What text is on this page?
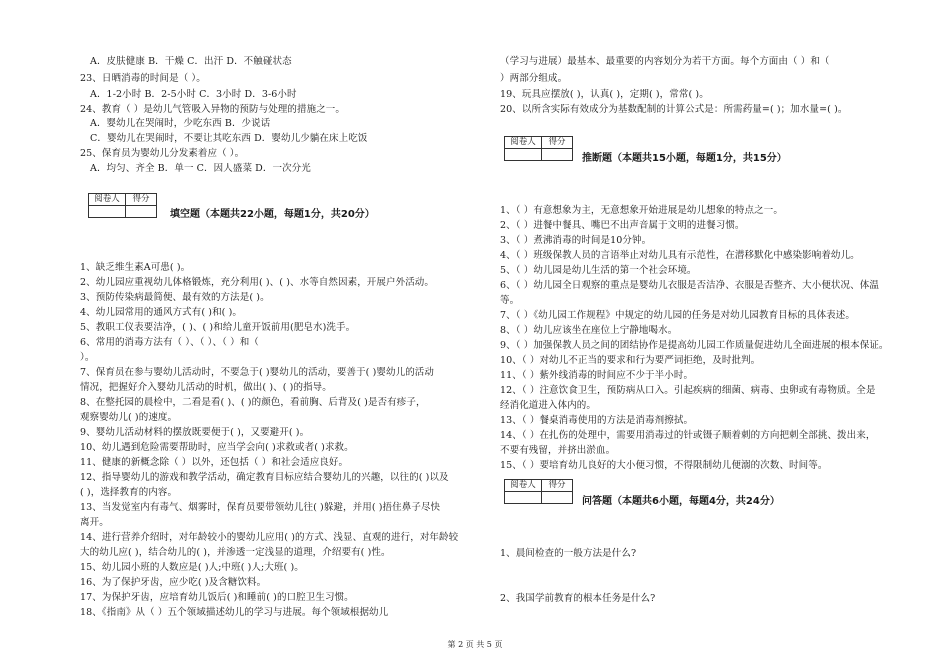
A．皮肤健康 B．干燥 C．出汗 D．不触碰状态
23、日晒消毒的时间是（ ）。
A．1-2小时 B．2-5小时 C．3小时 D．3-6小时
24、教育（ ）是幼儿气管吸入异物的预防与处理的措施之一。
A．婴幼儿在哭闹时，少吃东西 B．少说话
C．婴幼儿在哭闹时，不要让其吃东西 D．婴幼儿少躺在床上吃饭
25、保育员为婴幼儿分发素着应（ ）。
A．均匀、齐全 B．单一 C．因人盛菜 D．一次分光
阅卷人	得分

填空题（本题共22小题，每题1分，共20分）
1、缺乏维生素A可患( )。
2、幼儿园应重视幼儿体格锻炼，充分利用( )、( )、水等自然因素，开展户外活动。
3、预防传染病最简便、最有效的方法是( )。
4、幼儿园常用的通风方式有( )和( )。
5、教职工仪表要洁净，( )、( )和给儿童开饭前用(肥皂水)洗手。
6、常用的消毒方法有（ ）、（ ）、（ ）和（
）。
7、保育员在参与婴幼儿活动时，不要急于( )婴幼儿的活动，要善于( )婴幼儿的活动
情况，把握好介入婴幼儿活动的时机，做出( )、( )的指导。
8、在整托园的晨检中，二看是看( )、( )的颜色，看前胸、后背及( )是否有疹子，
观察婴幼儿( )的速度。
9、婴幼儿活动材料的摆放既要便于( )，又要避开( )。
10、幼儿遇到危险需要帮助时，应当学会向( )求救或者( )求救。
11、健康的新概念除（ ）以外，还包括（ ）和社会适应良好。
12、指导婴幼儿的游戏和教学活动，确定教育目标应结合婴幼儿的兴趣，以往的( )以及
( )，选择教育的内容。
13、当发觉室内有毒气、烟雾时，保育员要带领幼儿往( )躲避，并用( )捂住鼻子尽快
离开。
14、进行营养介绍时，对年龄较小的婴幼儿应用( )的方式、浅显、直观的进行，对年龄较
大的幼儿应( )，结合幼儿的( )，并渗透一定浅显的道理，介绍要有( )性。
15、幼儿园小班的人数应是( )人;中班( )人;大班( )。
16、为了保护牙齿，应少吃( )及含糖饮料。
17、为保护牙齿，应培育幼儿饭后( )和睡前( )的口腔卫生习惯。
18、《指南》从（ ）五个领域描述幼儿的学习与进展。每个领域根据幼儿
（学习与进展）最基本、最重要的内容划分为若干方面。每个方面由（ ）和（
）两部分组成。
19、玩具应摆放( )，认真( )，定期( )，常常( )。
20、以所含实际有效成分为基数配制的计算公式是：所需药量=( )；加水量=( )。
阅卷人	得分

推断题（本题共15小题，每题1分，共15分）
1、（ ）有意想象为主，无意想象开始进展是幼儿想象的特点之一。
2、（ ）进餐中餐具、嘴巴不出声音属于文明的进餐习惯。
3、（ ）煮沸消毒的时间是10分钟。
4、（ ）班级保教人员的言语举止对幼儿具有示范性，在潜移默化中感染影响着幼儿。
5、（ ）幼儿园是幼儿生活的第一个社会环境。
6、（ ）幼儿园全日观察的重点是婴幼儿衣服是否洁净、衣服是否整齐、大小便状况、体温
等。
7、（ ）《幼儿园工作规程》中规定的幼儿园的任务是对幼儿园教育目标的具体表述。
8、（ ）幼儿应该坐在座位上宁静地喝水。
9、（ ）加强保教人员之间的团结协作是提高幼儿园工作质量促进幼儿全面进展的根本保证。
10、（ ）对幼儿不正当的要求和行为要严词拒绝，及时批判。
11、（ ）紫外线消毒的时间应不少于半小时。
12、（ ）注意饮食卫生，预防病从口入。引起疾病的细菌、病毒、虫卵或有毒物质。全是
经消化道进入体内的。
13、（ ）餐桌消毒使用的方法是消毒剂擦拭。
14、（ ）在扎伤的处理中，需要用消毒过的针或镊子顺着刺的方向把刺全部挑、拨出来，
不要有残留，并挤出淤血。
15、（ ）要培育幼儿良好的大小便习惯，不得限制幼儿便溺的次数、时间等。
阅卷人	得分

问答题（本题共6小题，每题4分，共24分）
1、晨间检查的一般方法是什么?
2、我国学前教育的根本任务是什么?
第 2 页 共 5 页
